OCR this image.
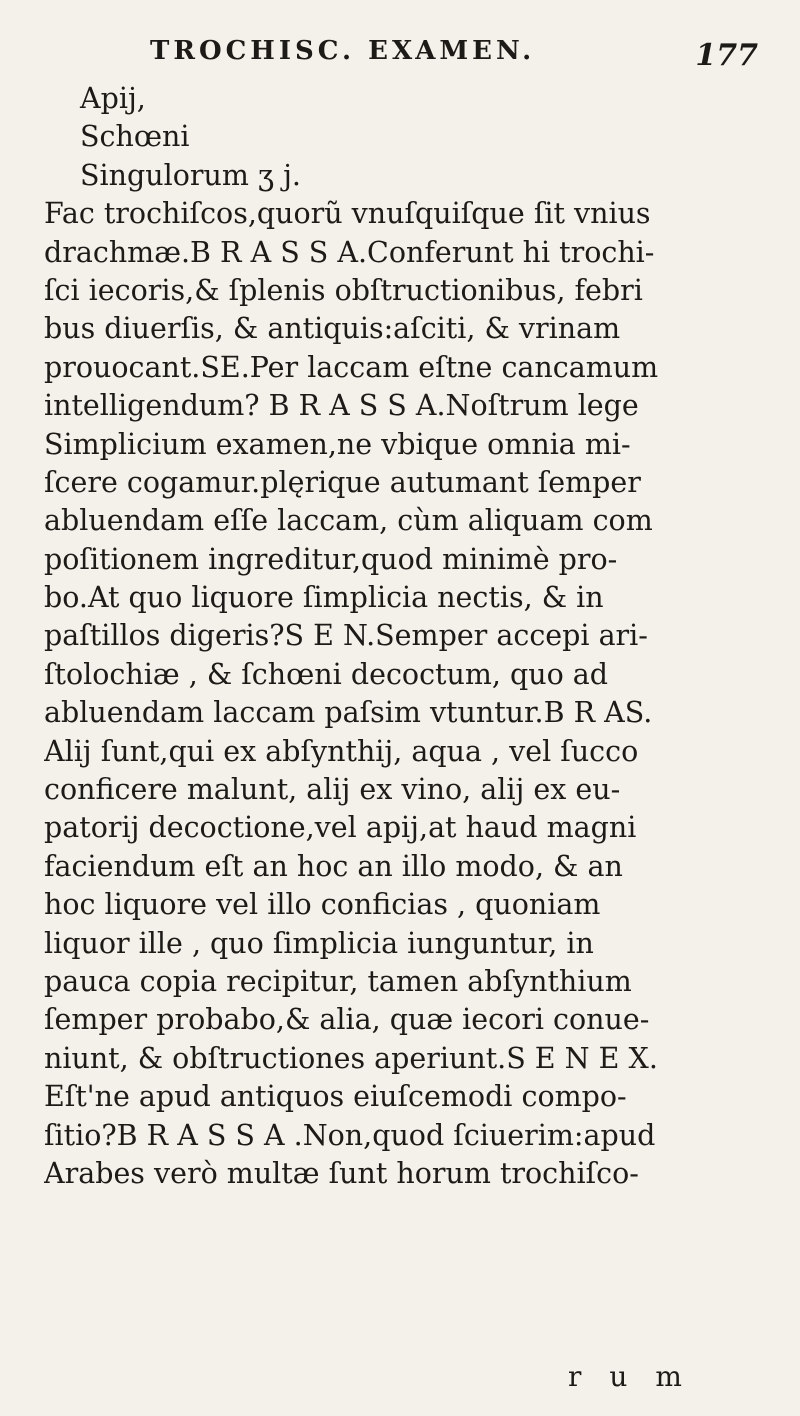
TROCHISC. EXAMEN.	177
Apij,
Schœni
Singulorum ʒ j.
Fac trochiſcos,quorũ vnuſquiſque ſit vnius
drachmæ.B R A S S A.Conferunt hi trochi-
ſci iecoris,& ſplenis obſtructionibus, febri
bus diuerſis, & antiquis:aſciti, & vrinam
prouocant.SE.Per laccam eſtne cancamum
intelligendum? B R A S S A.Noſtrum lege
Simplicium examen,ne vbique omnia mi-
ſcere cogamur.plęrique autumant ſemper
abluendam eſſe laccam, cùm aliquam com
poſitionem ingreditur,quod minimè pro-
bo.At quo liquore ſimplicia nectis, & in
paſtillos digeris?S E N.Semper accepi ari-
ſtolochiæ , & ſchœni decoctum, quo ad
abluendam laccam paſsim vtuntur.B R AS.
Alij ſunt,qui ex abſynthij, aqua , vel ſucco
conficere malunt, alij ex vino, alij ex eu-
patorij decoctione,vel apij,at haud magni
faciendum eſt an hoc an illo modo, & an
hoc liquore vel illo conficias , quoniam
liquor ille , quo ſimplicia iunguntur, in
pauca copia recipitur, tamen abſynthium
ſemper probabo,& alia, quæ iecori conue-
niunt, & obſtructiones aperiunt.S E N E X.
Eſt'ne apud antiquos eiuſcemodi compo-
ſitio?B R A S S A .Non,quod ſciuerim:apud
Arabes verò multæ ſunt horum trochiſco-
rum
